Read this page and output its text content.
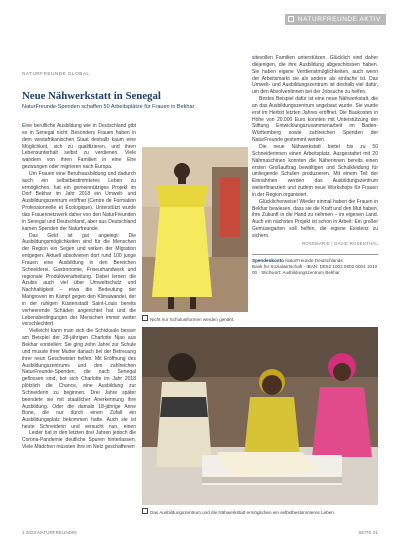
NATURFREUNDE AKTIV
NATURFREUNDE GLOBAL
Neue Nähwerkstatt in Senegal
NaturFreunde-Spenden schaffen 50 Arbeitsplätze für Frauen in Bekhar

Eine berufliche Ausbildung wie in Deutschland gibt es in Senegal nicht. Besonders Frauen haben in dem westafrikanischen Staat deshalb kaum eine Möglichkeit, sich zu qualifizieren, und ihren Lebensunterhalt selbst zu verdienen. Viele wandern von ihren Familien in eine Ehe gezwungen oder migrieren nach Europa.

Um Frauen eine Berufsausbildung und dadurch auch ein selbstbestimmteres Leben zu ermöglichen, hat ein gemeinnütziges Projekt im Dorf Bekhar im Jahr 2018 ein Umwelt- und Ausbildungszentrum eröffnet (Centre de Formation Professionnelle et Écologique). Unterstützt wurde das Frauennetzwerk daher von den NaturFreunden in Senegal und Deutschland, aber aus Deutschland kamen Spenden der Naturfreunde.

Das Geld ist gut angelegt: Die Ausbildungsmöglichkeiten sind für die Menschen der Region ein Segen und wirken der Migration entgegen. Aktuell absolvieren dort rund 100 junge Frauen eine Ausbildung in den Bereichen Schneiderei, Gastronomie, Friseurhandwerk und regionale Produktverarbeitung. Dabei lernen die Azubis auch viel über Umweltschutz und Nachhaltigkeit – etwa die Bedeutung der Mangroven im Kampf gegen den Klimawandel, der in der ruhigen Küstenstadt Saint-Louis bereits verheerende Schäden angerichtet hat und die Lebensbedingungen der Menschen immer weiter verschlechtert.

Vielleicht kann man sich die Schicksale besser am Beispiel der 28-jährigen Charlotte Njao aus Bekhar vorstellen: Sie ging zehn Jahre zur Schule und musste ihrer Mutter danach bei der Betreuung ihrer neun Geschwister helfen. Mit Eröffnung des Ausbildungszentrums und den zahlreichen NaturFreunde-Spenden, die nach Senegal geflossen sind, bot sich Charlotte im Jahr 2018 plötzlich die Chance, eine Ausbildung zur Schneiderin zu beginnen. Drei Jahre später beendete sie mit staatlicher Anerkennung ihre Ausbildung. Oder die damals 18-jährige Anne Bone, die nur durch einen Zufall ein Ausbildungsplatz bekommen hatte. Auch sie ist heute Schneiderin und versucht nun, einen

Leider hat in den letzten drei Jahren jedoch die Corona-Pandemie deutliche Spuren hinterlassen. Viele Mädchen müssten ihre im Netz geschaffenen

sitevollen Familien unterstützen. Glücklich sind daher diejenigen, die ihre Ausbildung abgeschlossen haben. Sie haben eigene Verdienstmöglichkeiten, auch wenn der Arbeitsmarkt sie als andere als einfache ist. Das Umwelt- und Ausbildungszentrum ist deshalb viel dafür, um den Absolventinnen bei der Jobsuche zu helfen.

Bestes Beispiel dafür ist eine neue Nähwerkstatt, die an das Ausbildungszentrum angebaut wurde. Sie wurde erst im Herbst letzten Jahres eröffnet. Die Baukosten in Höhe von 20.000 Euro konnten mit Unterstützung der Stiftung Entwicklungszusammenarbeit im Baden-Württemberg sowie zahlreichen Spenden der NaturFreunde gestemmt werden.

Die neue Nähwerkstatt bietet bis zu 50 Schneiderinnen einen Arbeitsplatz. Ausgestattet mit 20 Nähmaschinen konnten die Näherinnen bereits einen ersten Großauftrag bewältigen und Schulkleidung für umliegende Schulen produzieren. Mit einem Teil der Einnahmen werden das Ausbildungszentrum weiterfinanziert und zudem neue Workshops für Frauen in der Region organisiert.

Glücklicherweise! Wieder einmal haben die Frauen in Bekhar bewiesen, dass sie die Kraft und den Mut haben, ihre Zukunft in die Hand zu nehmen – im eigenen Land. Auch ein nächstes Projekt ist schon in Arbeit: Ein großer Gemüsegarten soll helfen, die eigene Existenz zu sichern.

ROSEMARIE | DAVID ROSENTHAL
Spendenkonto NaturFreunde Deutschlands
Bank für Sozialwirtschaft · IBAN: DE52 1002 0500 0004 1010 00 · Stichwort: Ausbildungszentrum Bekhar
Nicht nur Schuluniformen werden genäht.
Das Ausbildungszentrum und die Nähwerkstatt ermöglichen ein selbstbestimmteres Leben.
1 2023 NATURFREUNDIN	SEITE 31
